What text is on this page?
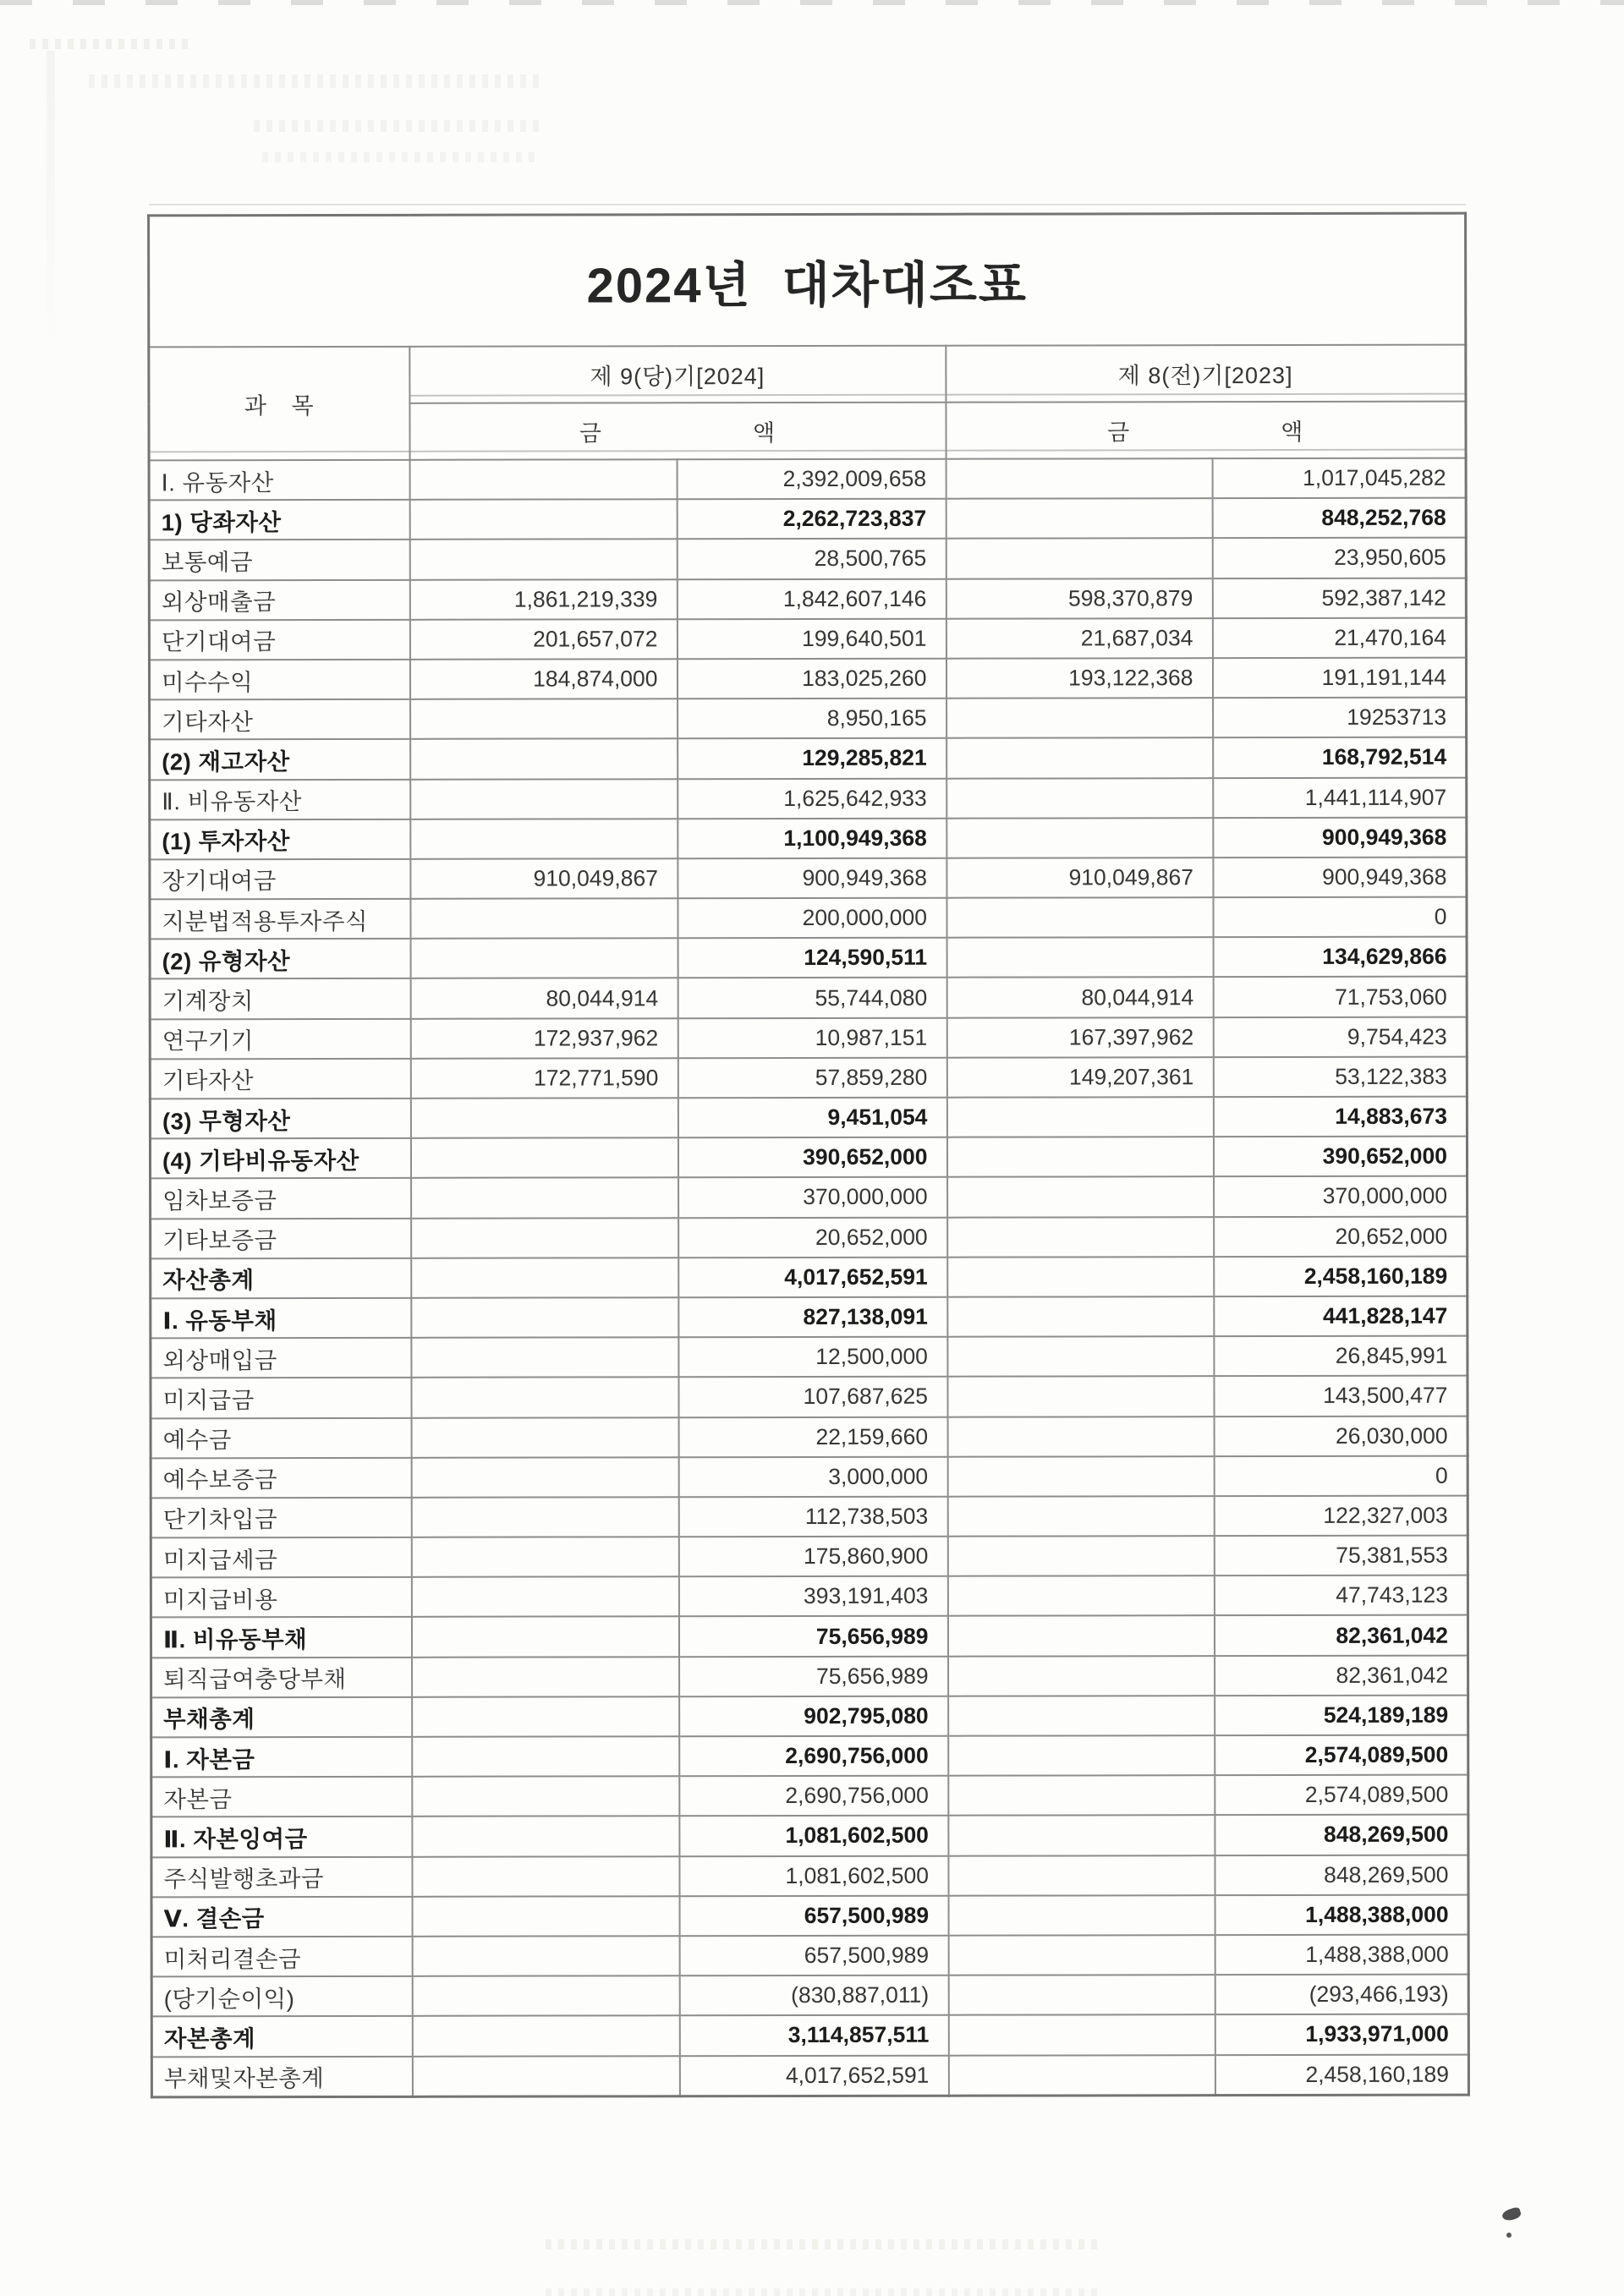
2024년 대차대조표				
과 목	제 9(당)기[2024]		제 8(전)기[2023]	

	금 액		금 액	

Ⅰ. 유동자산		2,392,009,658		1,017,045,282
1) 당좌자산		2,262,723,837		848,252,768
보통예금		28,500,765		23,950,605
외상매출금	1,861,219,339	1,842,607,146	598,370,879	592,387,142
단기대여금	201,657,072	199,640,501	21,687,034	21,470,164
미수수익	184,874,000	183,025,260	193,122,368	191,191,144
기타자산		8,950,165		19253713
(2) 재고자산		129,285,821		168,792,514
Ⅱ. 비유동자산		1,625,642,933		1,441,114,907
(1) 투자자산		1,100,949,368		900,949,368
장기대여금	910,049,867	900,949,368	910,049,867	900,949,368
지분법적용투자주식		200,000,000		0
(2) 유형자산		124,590,511		134,629,866
기계장치	80,044,914	55,744,080	80,044,914	71,753,060
연구기기	172,937,962	10,987,151	167,397,962	9,754,423
기타자산	172,771,590	57,859,280	149,207,361	53,122,383
(3) 무형자산		9,451,054		14,883,673
(4) 기타비유동자산		390,652,000		390,652,000
임차보증금		370,000,000		370,000,000
기타보증금		20,652,000		20,652,000
자산총계		4,017,652,591		2,458,160,189
Ⅰ. 유동부채		827,138,091		441,828,147
외상매입금		12,500,000		26,845,991
미지급금		107,687,625		143,500,477
예수금		22,159,660		26,030,000
예수보증금		3,000,000		0
단기차입금		112,738,503		122,327,003
미지급세금		175,860,900		75,381,553
미지급비용		393,191,403		47,743,123
Ⅱ. 비유동부채		75,656,989		82,361,042
퇴직급여충당부채		75,656,989		82,361,042
부채총계		902,795,080		524,189,189
Ⅰ. 자본금		2,690,756,000		2,574,089,500
자본금		2,690,756,000		2,574,089,500
Ⅱ. 자본잉여금		1,081,602,500		848,269,500
주식발행초과금		1,081,602,500		848,269,500
Ⅴ. 결손금		657,500,989		1,488,388,000
미처리결손금		657,500,989		1,488,388,000
(당기순이익)		(830,887,011)		(293,466,193)
자본총계		3,114,857,511		1,933,971,000
부채및자본총계		4,017,652,591		2,458,160,189
